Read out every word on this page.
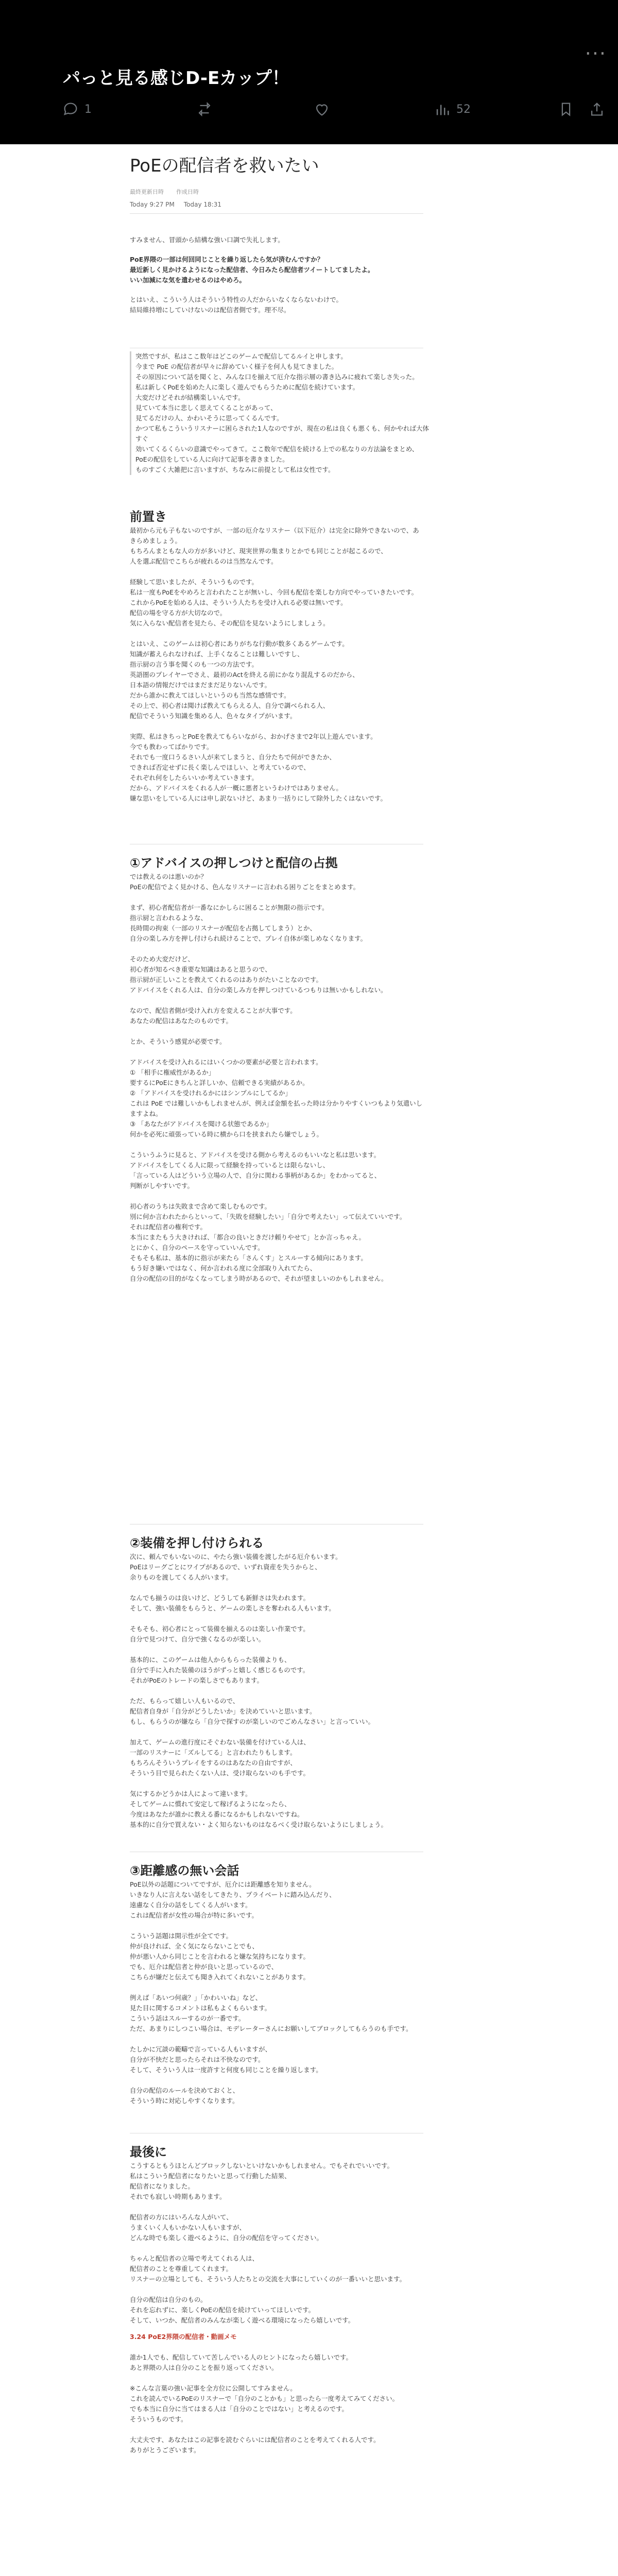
···
パっと見る感じD-Eカップ！
1	52
PoEの配信者を救いたい
最終更新日時 作成日時
Today 9:27 PM Today 18:31

すみません、冒頭から結構な強い口調で失礼します。

PoE界隈の一部は何回同じことを繰り返したら気が済むんですか？
最近新しく見かけるようになった配信者、今日みたら配信者ツイートしてましたよ。
いい加減にな気を遣わせるのはやめろ。

とはいえ、こういう人はそういう特性の人だからいなくならないわけで。
結局維持増にしていけないのは配信者側です。理不尽。

突然ですが、私はここ数年はどこのゲームで配信してるルイと申します。
今まで PoE の配信者が早々に辞めていく様子を何人も見てきました。
その原因について話を聞くと、みんな口を揃えて厄介な指示層の書き込みに疲れて楽しさ失った。
私は新しくPoEを始めた人に楽しく遊んでもらうために配信を続けています。
大変だけどそれが結構楽しいんです。
見ていて本当に悲しく思えてくることがあって、
見てるだけの人、かわいそうに思ってくるんです。
かつて私もこういうリスナーに困らされた1人なのですが、現在の私は良くも悪くも、何かやれば大体すぐ
効いてくるくらいの意識でやってきて。ここ数年で配信を続ける上での私なりの方法論をまとめ、
PoEの配信をしている人に向けて記事を書きました。
ものすごく大雑把に言いますが、ちなみに前提として私は女性です。

前置き

最初から元も子もないのですが、一部の厄介なリスナー（以下厄介）は完全に除外できないので、あきらめましょう。
もちろんまともな人の方が多いけど、現実世界の集まりとかでも同じことが起こるので、
人を選ぶ配信でこちらが疲れるのは当然なんです。

経験して思いましたが、そういうものです。
私は一度もPoEをやめろと言われたことが無いし、今回も配信を楽しむ方向でやっていきたいです。
これからPoEを始める人は、そういう人たちを受け入れる必要は無いです。
配信の場を守る方が大切なので。
気に入らない配信者を見たら、その配信を見ないようにしましょう。

とはいえ、このゲームは初心者にありがちな行動が数多くあるゲームです。
知識が蓄えられなければ、上手くなることは難しいですし、
指示厨の言う事を聞くのも一つの方法です。
英語圏のプレイヤーでさえ、最初のActを終える前にかなり混乱するのだから、
日本語の情報だけではまだまだ足りないんです。
だから誰かに教えてほしいというのも当然な感情です。
その上で、初心者は聞けば教えてもらえる人、自分で調べられる人、
配信でそういう知識を集める人、色々なタイプがいます。

実際、私はきちっとPoEを教えてもらいながら、おかげさまで2年以上遊んでいます。
今でも教わってばかりです。
それでも一度口うるさい人が来てしまうと、自分たちで何ができたか、
できれば否定せずに長く楽しんでほしい、と考えているので、
それぞれ何をしたらいいか考えていきます。
だから、アドバイスをくれる人が一概に悪者というわけではありません。
嫌な思いをしている人には申し訳ないけど、あまり一括りにして除外したくはないです。

①アドバイスの押しつけと配信の占拠

では教えるのは悪いのか？
PoEの配信でよく見かける、色んなリスナーに言われる困りごとをまとめます。

まず、初心者配信者が一番なにかしらに困ることが無限の指示です。
指示厨と言われるような、
長時間の拘束（一部のリスナーが配信を占拠してしまう）とか、
自分の楽しみ方を押し付けられ続けることで、プレイ自体が楽しめなくなります。

そのため大変だけど、
初心者が知るべき重要な知識はあると思うので、
指示厨が正しいことを教えてくれるのはありがたいことなのです。
アドバイスをくれる人は、自分の楽しみ方を押しつけているつもりは無いかもしれない。

なので、配信者側が受け入れ方を変えることが大事です。
あなたの配信はあなたのものです。

とか、そういう感覚が必要です。

アドバイスを受け入れるにはいくつかの要素が必要と言われます。
① 「相手に権威性があるか」
要するにPoEにきちんと詳しいか、信頼できる実績があるか。
② 「アドバイスを受けれるかにはシンプルにしてるか」
これは PoE では難しいかもしれませんが、例えば金額を払った時は分かりやすくいつもより気遣いしますよね。
③ 「あなたがアドバイスを聞ける状態であるか」
何かを必死に頑張っている時に横から口を挟まれたら嫌でしょう。

こういうふうに見ると、アドバイスを受ける側から考えるのもいいなと私は思います。
アドバイスをしてくる人に限って経験を持っているとは限らないし、
「言っている人はどういう立場の人で、自分に関わる事柄があるか」をわかってると、
判断がしやすいです。

初心者のうちは失敗まで含めて楽しむものです。
別に何か言われたからといって、「失敗を経験したい」「自分で考えたい」って伝えていいです。
それは配信者の権利です。
本当にまたもう大きければ、「都合の良いときだけ頼りやせて」とか言っちゃえ。
とにかく、自分のペースを守っていいんです。
そもそも私は、基本的に指示が来たら「さんくす」とスルーする傾向にあります。
もう好き嫌いではなく、何か言われる度に全部取り入れてたら、
自分の配信の目的がなくなってしまう時があるので、それが望ましいのかもしれません。

②装備を押し付けられる

次に、頼んでもいないのに、やたら強い装備を渡したがる厄介もいます。
PoEはリーグごとにワイプがあるので、いずれ資産を失うからと、
余りものを渡してくる人がいます。

なんでも揃うのは良いけど、どうしても新鮮さは失われます。
そして、強い装備をもらうと、ゲームの楽しさを奪われる人もいます。

そもそも、初心者にとって装備を揃えるのは楽しい作業です。
自分で見つけて、自分で強くなるのが楽しい。

基本的に、このゲームは他人からもらった装備よりも、
自分で手に入れた装備のほうがずっと嬉しく感じるものです。
それがPoEのトレードの楽しさでもあります。

ただ、もらって嬉しい人もいるので、
配信者自身が「自分がどうしたいか」を決めていいと思います。
もし、もらうのが嫌なら「自分で探すのが楽しいのでごめんなさい」と言っていい。

加えて、ゲームの進行度にそぐわない装備を付けている人は、
一部のリスナーに「ズルしてる」と言われたりもします。
もちろんそういうプレイをするのはあなたの自由ですが、
そういう目で見られたくない人は、受け取らないのも手です。

気にするかどうかは人によって違います。
そしてゲームに慣れて安定して稼げるようになったら、
今度はあなたが誰かに教える番になるかもしれないですね。
基本的に自分で買えない・よく知らないものはなるべく受け取らないようにしましょう。

③距離感の無い会話

PoE以外の話題についてですが、厄介には距離感を知りません。
いきなり人に言えない話をしてきたり、プライベートに踏み込んだり、
遠慮なく自分の話をしてくる人がいます。
これは配信者が女性の場合が特に多いです。

こういう話題は開示性が全てです。
仲が良ければ、全く気にならないことでも、
仲が悪い人から同じことを言われると嫌な気持ちになります。
でも、厄介は配信者と仲が良いと思っているので、
こちらが嫌だと伝えても聞き入れてくれないことがあります。

例えば「あいつ何歳？」「かわいいね」など、
見た目に関するコメントは私もよくもらいます。
こういう話はスルーするのが一番です。
ただ、あまりにしつこい場合は、モデレーターさんにお願いしてブロックしてもらうのも手です。

たしかに冗談の範疇で言っている人もいますが、
自分が不快だと思ったらそれは不快なのです。
そして、そういう人は一度許すと何度も同じことを繰り返します。

自分の配信のルールを決めておくと、
そういう時に対応しやすくなります。

最後に

こうするともうほとんどブロックしないといけないかもしれません。でもそれでいいです。
私はこういう配信者になりたいと思って行動した結果、
配信者になりました。
それでも寂しい時期もあります。

配信者の方にはいろんな人がいて、
うまくいく人もいかない人もいますが、
どんな時でも楽しく遊べるように、自分の配信を守ってください。

ちゃんと配信者の立場で考えてくれる人は、
配信者のことを尊重してくれます。
リスナーの立場としても、そういう人たちとの交流を大事にしていくのが一番いいと思います。

自分の配信は自分のもの。
それを忘れずに、楽しくPoEの配信を続けていってほしいです。
そして、いつか、配信者のみんなが楽しく遊べる環境になったら嬉しいです。

3.24 PoE2界隈の配信者・動画メモ

誰か1人でも、配信していて苦しんでいる人のヒントになったら嬉しいです。
あと界隈の人は自分のことを振り返ってください。

※こんな言葉の強い記事を全方位に公開してすみません。
これを読んでいるPoEのリスナーで「自分のことかも」と思ったら一度考えてみてください。
でも本当に自分に当てはまる人は「自分のことではない」と考えるのです。
そういうものです。

大丈夫です、あなたはこの記事を読むぐらいには配信者のことを考えてくれる人です。
ありがとうございます。
